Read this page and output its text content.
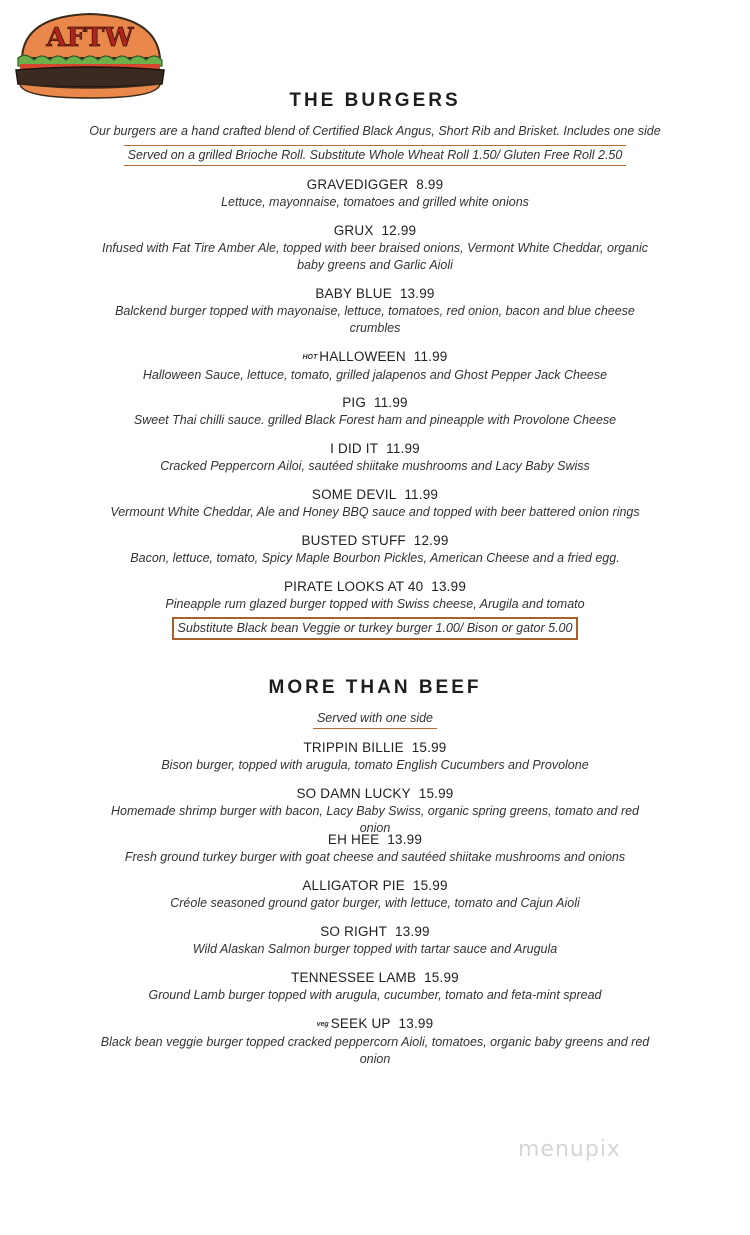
AFTW
THE BURGERS

Our burgers are a hand crafted blend of Certified Black Angus, Short Rib and Brisket. Includes one side

Served on a grilled Brioche Roll. Substitute Whole Wheat Roll 1.50/ Gluten Free Roll 2.50

GRAVEDIGGER 8.99

Lettuce, mayonnaise, tomatoes and grilled white onions

GRUX 12.99

Infused with Fat Tire Amber Ale, topped with beer braised onions, Vermont White Cheddar, organic baby greens and Garlic Aioli

BABY BLUE 13.99

Balckend burger topped with mayonaise, lettuce, tomatoes, red onion, bacon and blue cheese crumbles

HOT HALLOWEEN 11.99

Halloween Sauce, lettuce, tomato, grilled jalapenos and Ghost Pepper Jack Cheese

PIG 11.99

Sweet Thai chilli sauce. grilled Black Forest ham and pineapple with Provolone Cheese

I DID IT 11.99

Cracked Peppercorn Ailoi, sautéed shiitake mushrooms and Lacy Baby Swiss

SOME DEVIL 11.99

Vermount White Cheddar, Ale and Honey BBQ sauce and topped with beer battered onion rings

BUSTED STUFF 12.99

Bacon, lettuce, tomato, Spicy Maple Bourbon Pickles, American Cheese and a fried egg.

PIRATE LOOKS AT 40 13.99

Pineapple rum glazed burger topped with Swiss cheese, Arugila and tomato

Substitute Black bean Veggie or turkey burger 1.00/ Bison or gator 5.00

MORE THAN BEEF

Served with one side

TRIPPIN BILLIE 15.99

Bison burger, topped with arugula, tomato English Cucumbers and Provolone

SO DAMN LUCKY 15.99

Homemade shrimp burger with bacon, Lacy Baby Swiss, organic spring greens, tomato and red onion

EH HEE 13.99

Fresh ground turkey burger with goat cheese and sautéed shiitake mushrooms and onions

ALLIGATOR PIE 15.99

Créole seasoned ground gator burger, with lettuce, tomato and Cajun Aioli

SO RIGHT 13.99

Wild Alaskan Salmon burger topped with tartar sauce and Arugula

TENNESSEE LAMB 15.99

Ground Lamb burger topped with arugula, cucumber, tomato and feta-mint spread

veg SEEK UP 13.99

Black bean veggie burger topped cracked peppercorn Aioli, tomatoes, organic baby greens and red onion

menupix
